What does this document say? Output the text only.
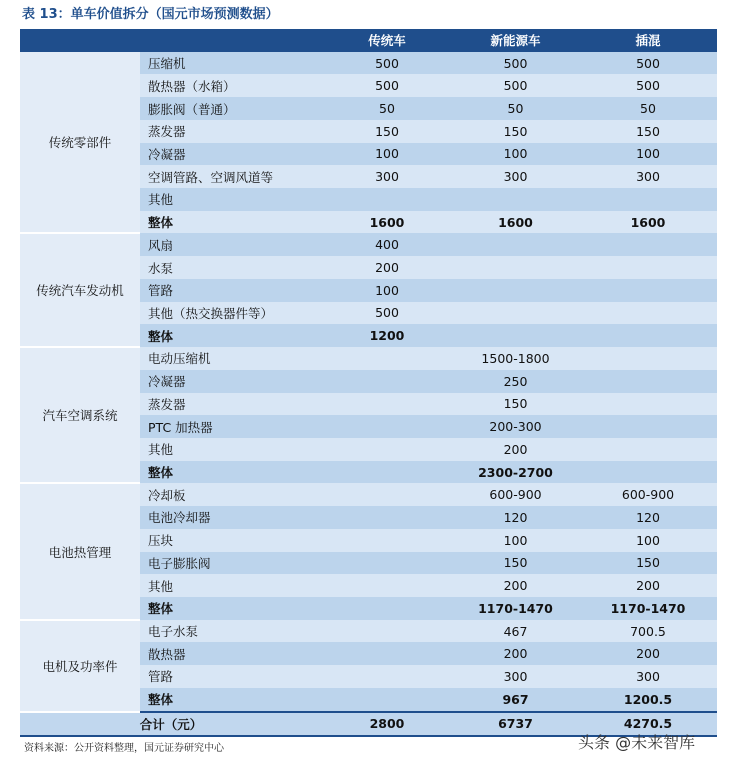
表 13：单车价值拆分（国元市场预测数据）
		传统车	新能源车	插混
传统零部件	压缩机	500	500	500
	散热器（水箱）	500	500	500
	膨胀阀（普通）	50	50	50
	蒸发器	150	150	150
	冷凝器	100	100	100
	空调管路、空调风道等	300	300	300
	其他			
	整体	1600	1600	1600
传统汽车发动机	风扇	400		
	水泵	200		
	管路	100		
	其他（热交换器件等）	500		
	整体	1200		
汽车空调系统	电动压缩机		1500-1800	
	冷凝器		250	
	蒸发器		150	
	PTC 加热器		200-300	
	其他		200	
	整体		2300-2700	
电池热管理	冷却板		600-900	600-900
	电池冷却器		120	120
	压块		100	100
	电子膨胀阀		150	150
	其他		200	200
	整体		1170-1470	1170-1470
电机及功率件	电子水泵		467	700.5
	散热器		200	200
	管路		300	300
	整体		967	1200.5
合计（元）		2800	6737	4270.5
资料来源：公开资料整理，国元证券研究中心	头条 @未来智库
